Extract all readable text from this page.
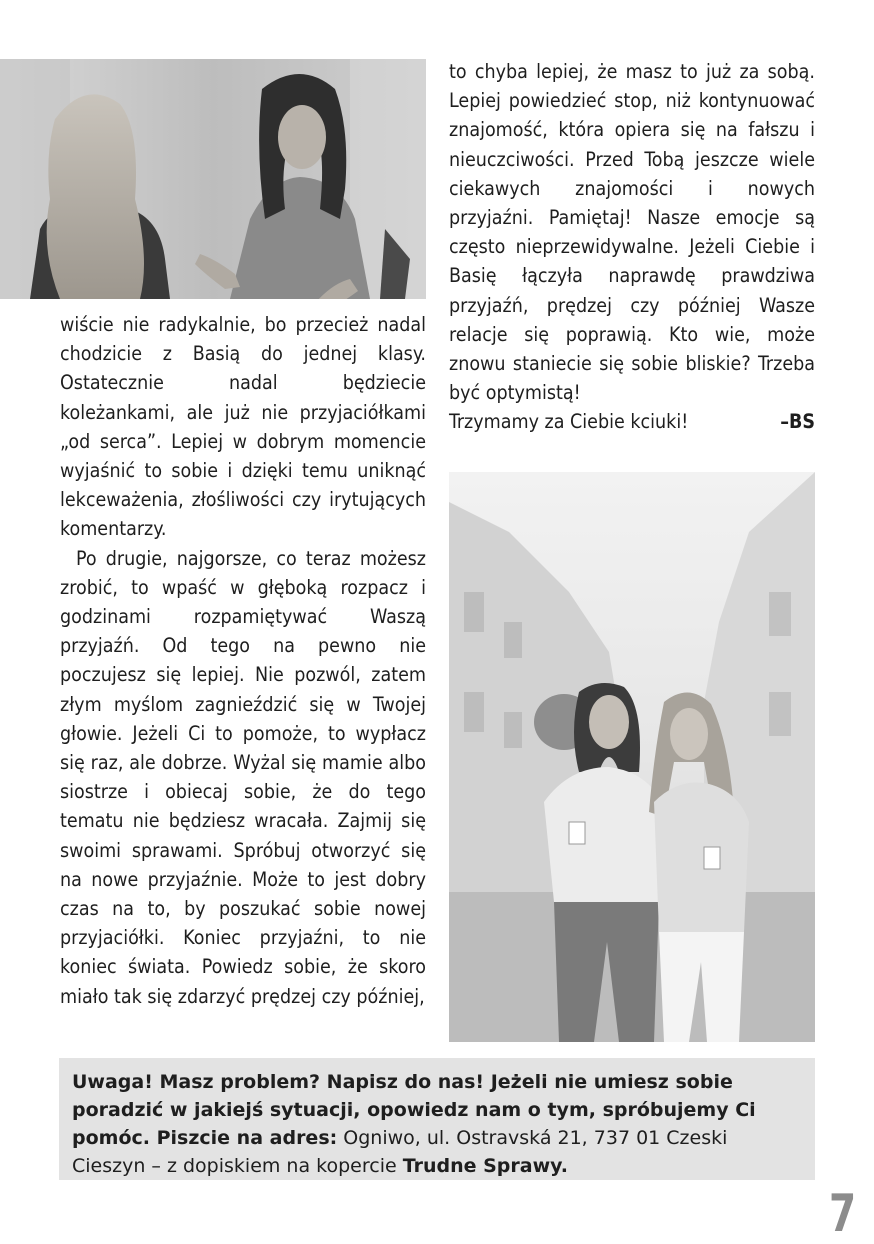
wiście nie radykalnie, bo przecież nadal chodzicie z Basią do jednej klasy. Ostatecznie nadal będziecie koleżankami, ale już nie przyjaciółkami „od serca”. Lepiej w dobrym momencie wyjaśnić to sobie i dzięki temu uniknąć lekceważenia, złośliwości czy irytujących komentarzy.

Po drugie, najgorsze, co teraz możesz zrobić, to wpaść w głęboką rozpacz i godzinami rozpamiętywać Waszą przyjaźń. Od tego na pewno nie poczujesz się lepiej. Nie pozwól, zatem złym myślom zagnieździć się w Twojej głowie. Jeżeli Ci to pomoże, to wypłacz się raz, ale dobrze. Wyżal się mamie albo siostrze i obiecaj sobie, że do tego tematu nie będziesz wracała. Zajmij się swoimi sprawami. Spróbuj otworzyć się na nowe przyjaźnie. Może to jest dobry czas na to, by poszukać sobie nowej przyjaciółki. Koniec przyjaźni, to nie koniec świata. Powiedz sobie, że skoro miało tak się zdarzyć prędzej czy później,

to chyba lepiej, że masz to już za sobą. Lepiej powiedzieć stop, niż kontynuować znajomość, która opiera się na fałszu i nieuczciwości. Przed Tobą jeszcze wiele ciekawych znajomości i nowych przyjaźni. Pamiętaj! Nasze emocje są często nieprzewidywalne. Jeżeli Ciebie i Basię łączyła naprawdę prawdziwa przyjaźń, prędzej czy później Wasze relacje się poprawią. Kto wie, może znowu staniecie się sobie bliskie? Trzeba być optymistą!

Trzymamy za Ciebie kciuki!	–BS

Uwaga! Masz problem? Napisz do nas! Jeżeli nie umiesz sobie poradzić w jakiejś sytuacji, opowiedz nam o tym, spróbujemy Ci pomóc. Piszcie na adres: Ogniwo, ul. Ostravská 21, 737 01 Czeski Cieszyn – z dopiskiem na kopercie Trudne Sprawy.
7
